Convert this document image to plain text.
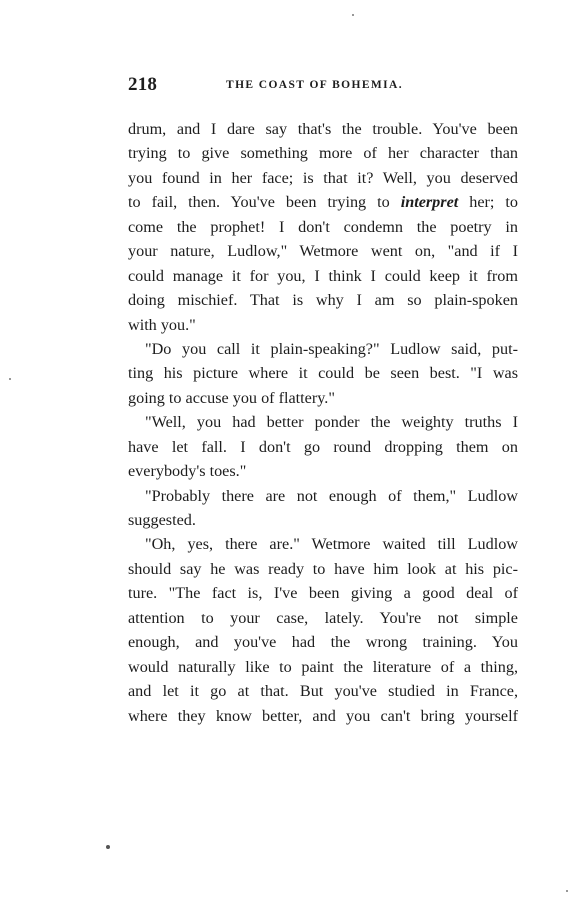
218	THE COAST OF BOHEMIA.
drum, and I dare say that's the trouble. You've been
trying to give something more of her character than
you found in her face; is that it? Well, you deserved
to fail, then. You've been trying to interpret her; to
come the prophet! I don't condemn the poetry in
your nature, Ludlow," Wetmore went on, "and if I
could manage it for you, I think I could keep it from
doing mischief. That is why I am so plain-spoken
with you."
"Do you call it plain-speaking?" Ludlow said, put-
ting his picture where it could be seen best. "I was
going to accuse you of flattery."
"Well, you had better ponder the weighty truths I
have let fall. I don't go round dropping them on
everybody's toes."
"Probably there are not enough of them," Ludlow
suggested.
"Oh, yes, there are." Wetmore waited till Ludlow
should say he was ready to have him look at his pic-
ture. "The fact is, I've been giving a good deal of
attention to your case, lately. You're not simple
enough, and you've had the wrong training. You
would naturally like to paint the literature of a thing,
and let it go at that. But you've studied in France,
where they know better, and you can't bring yourself
